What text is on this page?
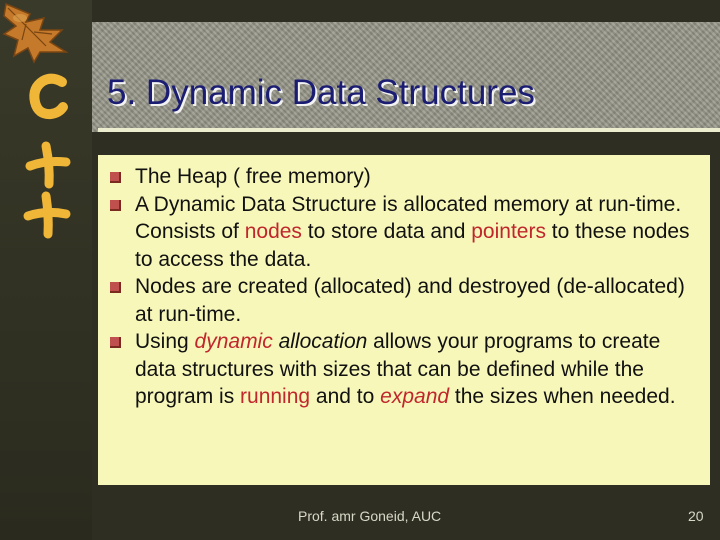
5. Dynamic Data Structures
The Heap ( free memory)
A Dynamic Data Structure is allocated memory at run-time. Consists of nodes to store data and pointers to these nodes to access the data.
Nodes are created (allocated) and destroyed (de-allocated) at run-time.
Using dynamic allocation allows your programs to create data structures with sizes that can be defined while the program is running and to expand the sizes when needed.
Prof. amr Goneid, AUC	20
